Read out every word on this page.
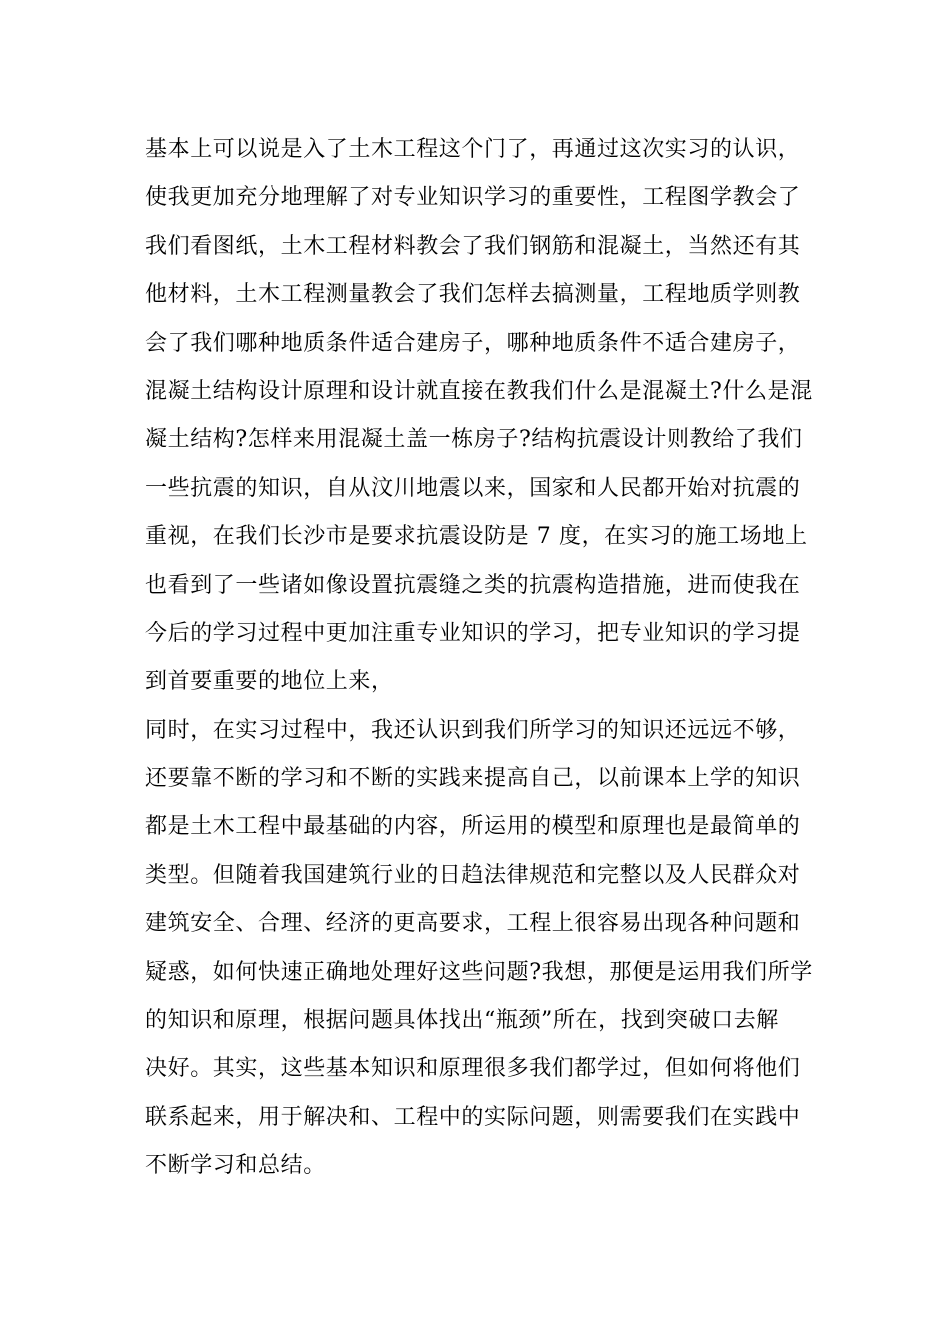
基本上可以说是入了土木工程这个门了，再通过这次实习的认识，
使我更加充分地理解了对专业知识学习的重要性，工程图学教会了
我们看图纸，土木工程材料教会了我们钢筋和混凝土，当然还有其
他材料，土木工程测量教会了我们怎样去搞测量，工程地质学则教
会了我们哪种地质条件适合建房子，哪种地质条件不适合建房子，
混凝土结构设计原理和设计就直接在教我们什么是混凝土?什么是混
凝土结构?怎样来用混凝土盖一栋房子?结构抗震设计则教给了我们
一些抗震的知识，自从汶川地震以来，国家和人民都开始对抗震的
重视，在我们长沙市是要求抗震设防是 7 度，在实习的施工场地上
也看到了一些诸如像设置抗震缝之类的抗震构造措施，进而使我在
今后的学习过程中更加注重专业知识的学习，把专业知识的学习提
到首要重要的地位上来，
同时，在实习过程中，我还认识到我们所学习的知识还远远不够，
还要靠不断的学习和不断的实践来提高自己，以前课本上学的知识
都是土木工程中最基础的内容，所运用的模型和原理也是最简单的
类型。但随着我国建筑行业的日趋法律规范和完整以及人民群众对
建筑安全、合理、经济的更高要求，工程上很容易出现各种问题和
疑惑，如何快速正确地处理好这些问题?我想，那便是运用我们所学
的知识和原理，根据问题具体找出“瓶颈”所在，找到突破口去解
决好。其实，这些基本知识和原理很多我们都学过，但如何将他们
联系起来，用于解决和、工程中的实际问题，则需要我们在实践中
不断学习和总结。
